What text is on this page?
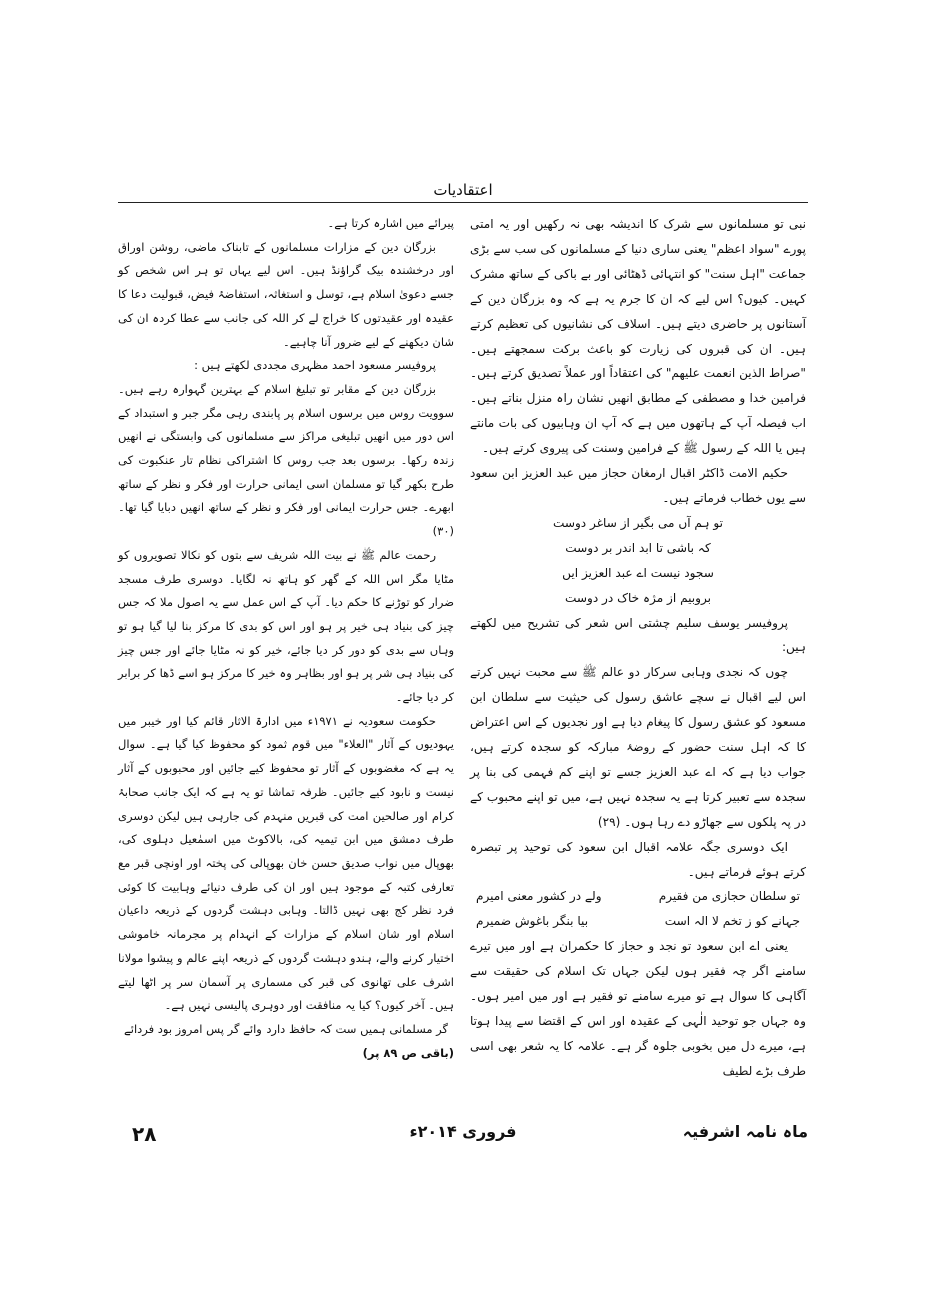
اعتقادیات

نبی تو مسلمانوں سے شرک کا اندیشہ بھی نہ رکھیں اور یہ امتی پورے "سواد اعظم" یعنی ساری دنیا کے مسلمانوں کی سب سے بڑی جماعت "اہل سنت" کو انتہائی ڈھٹائی اور بے باکی کے ساتھ مشرک کہیں۔ کیوں؟ اس لیے کہ ان کا جرم یہ ہے کہ وہ بزرگان دین کے آستانوں پر حاضری دیتے ہیں۔ اسلاف کی نشانیوں کی تعظیم کرتے ہیں۔ ان کی قبروں کی زیارت کو باعث برکت سمجھتے ہیں۔ "صراط الذین انعمت علیھم" کی اعتقاداً اور عملاً تصدیق کرتے ہیں۔ فرامین خدا و مصطفی کے مطابق انھیں نشان راہ منزل بناتے ہیں۔ اب فیصلہ آپ کے ہاتھوں میں ہے کہ آپ ان وہابیوں کی بات مانتے ہیں یا اللہ کے رسول ﷺ کے فرامین وسنت کی پیروی کرتے ہیں۔

حکیم الامت ڈاکٹر اقبال ارمغان حجاز میں عبد العزیز ابن سعود سے یوں خطاب فرماتے ہیں۔

تو ہم آں می بگیر از ساغر دوست

کہ باشی تا ابد اندر بر دوست

سجود نیست اے عبد العزیز ایں

بروبیم از مژہ خاک در دوست

پروفیسر یوسف سلیم چشتی اس شعر کی تشریح میں لکھتے ہیں:

چوں کہ نجدی وہابی سرکار دو عالم ﷺ سے محبت نہیں کرتے اس لیے اقبال نے سچے عاشق رسول کی حیثیت سے سلطان ابن مسعود کو عشق رسول کا پیغام دیا ہے اور نجدیوں کے اس اعتراض کا کہ اہل سنت حضور کے روضۂ مبارکہ کو سجدہ کرتے ہیں، جواب دیا ہے کہ اے عبد العزیز جسے تو اپنے کم فہمی کی بنا پر سجدہ سے تعبیر کرتا ہے یہ سجدہ نہیں ہے، میں تو اپنے محبوب کے در پہ پلکوں سے جھاڑو دے رہا ہوں۔ (۲۹)

ایک دوسری جگہ علامہ اقبال ابن سعود کی توحید پر تبصرہ کرتے ہوئے فرماتے ہیں۔

تو سلطان حجازی من فقیرم
ولے در کشور معنی امیرم
جہانے کو ز تخم لا الہ است
بیا بنگر باغوش ضمیرم

یعنی اے ابن سعود تو نجد و حجاز کا حکمران ہے اور میں تیرے سامنے اگر چہ فقیر ہوں لیکن جہاں تک اسلام کی حقیقت سے آگاہی کا سوال ہے تو میرے سامنے تو فقیر ہے اور میں امیر ہوں۔ وہ جہاں جو توحید الٰہی کے عقیدہ اور اس کے اقتضا سے پیدا ہوتا ہے، میرے دل میں بخوبی جلوہ گر ہے۔ علامہ کا یہ شعر بھی اسی طرف بڑے لطیف

پیرائے میں اشارہ کرتا ہے۔

بزرگان دین کے مزارات مسلمانوں کے تابناک ماضی، روشن اوراق اور درخشندہ بیک گراؤنڈ ہیں۔ اس لیے یہاں تو ہر اس شخص کو جسے دعویٰ اسلام ہے، توسل و استغاثہ، استفاضۂ فیض، قبولیت دعا کا عقیدہ اور عقیدتوں کا خراج لے کر اللہ کی جانب سے عطا کردہ ان کی شان دیکھنے کے لیے ضرور آنا چاہیے۔

پروفیسر مسعود احمد مظہری مجددی لکھتے ہیں :

بزرگان دین کے مقابر تو تبلیغ اسلام کے بہترین گہوارہ رہے ہیں۔ سوویت روس میں برسوں اسلام پر پابندی رہی مگر جبر و استبداد کے اس دور میں انھیں تبلیغی مراکز سے مسلمانوں کی وابستگی نے انھیں زندہ رکھا۔ برسوں بعد جب روس کا اشتراکی نظام تار عنکبوت کی طرح بکھر گیا تو مسلمان اسی ایمانی حرارت اور فکر و نظر کے ساتھ ابھرے۔ جس حرارت ایمانی اور فکر و نظر کے ساتھ انھیں دبایا گیا تھا۔ (۳۰)

رحمت عالم ﷺ نے بیت اللہ شریف سے بتوں کو نکالا تصویروں کو مٹایا مگر اس اللہ کے گھر کو ہاتھ نہ لگایا۔ دوسری طرف مسجد ضرار کو توڑنے کا حکم دیا۔ آپ کے اس عمل سے یہ اصول ملا کہ جس چیز کی بنیاد ہی خیر پر ہو اور اس کو بدی کا مرکز بنا لیا گیا ہو تو وہاں سے بدی کو دور کر دیا جائے، خیر کو نہ مٹایا جائے اور جس چیز کی بنیاد ہی شر پر ہو اور بظاہر وہ خیر کا مرکز ہو اسے ڈھا کر برابر کر دیا جائے۔

حکومت سعودیہ نے ۱۹۷۱ء میں ادارۃ الاثار قائم کیا اور خیبر میں یہودیوں کے آثار "العلاء" میں قوم ثمود کو محفوظ کیا گیا ہے۔ سوال یہ ہے کہ مغضوبوں کے آثار تو محفوظ کیے جائیں اور محبوبوں کے آثار نیست و نابود کیے جائیں۔ ظرفہ تماشا تو یہ ہے کہ ایک جانب صحابۂ کرام اور صالحین امت کی قبریں منہدم کی جارہی ہیں لیکن دوسری طرف دمشق میں ابن تیمیہ کی، بالاکوٹ میں اسمٰعیل دہلوی کی، بھوپال میں نواب صدیق حسن خان بھوپالی کی پختہ اور اونچی قبر مع تعارفی کتبہ کے موجود ہیں اور ان کی طرف دنیائے وہابیت کا کوئی فرد نظر کج بھی نہیں ڈالتا۔ وہابی دہشت گردوں کے ذریعہ داعیان اسلام اور شان اسلام کے مزارات کے انہدام پر مجرمانہ خاموشی اختیار کرنے والے، ہندو دہشت گردوں کے ذریعہ اپنے عالم و پیشوا مولانا اشرف علی تھانوی کی قبر کی مسماری پر آسمان سر پر اٹھا لیتے ہیں۔ آخر کیوں؟ کیا یہ منافقت اور دوہری پالیسی نہیں ہے۔

گر مسلمانی ہمیں ست کہ حافظ دارد
وائے گر پس امروز بود فردائے

(باقی ص ۸۹ پر)

ماہ نامہ اشرفیہ
فروری ۲۰۱۴ء
۲۸
